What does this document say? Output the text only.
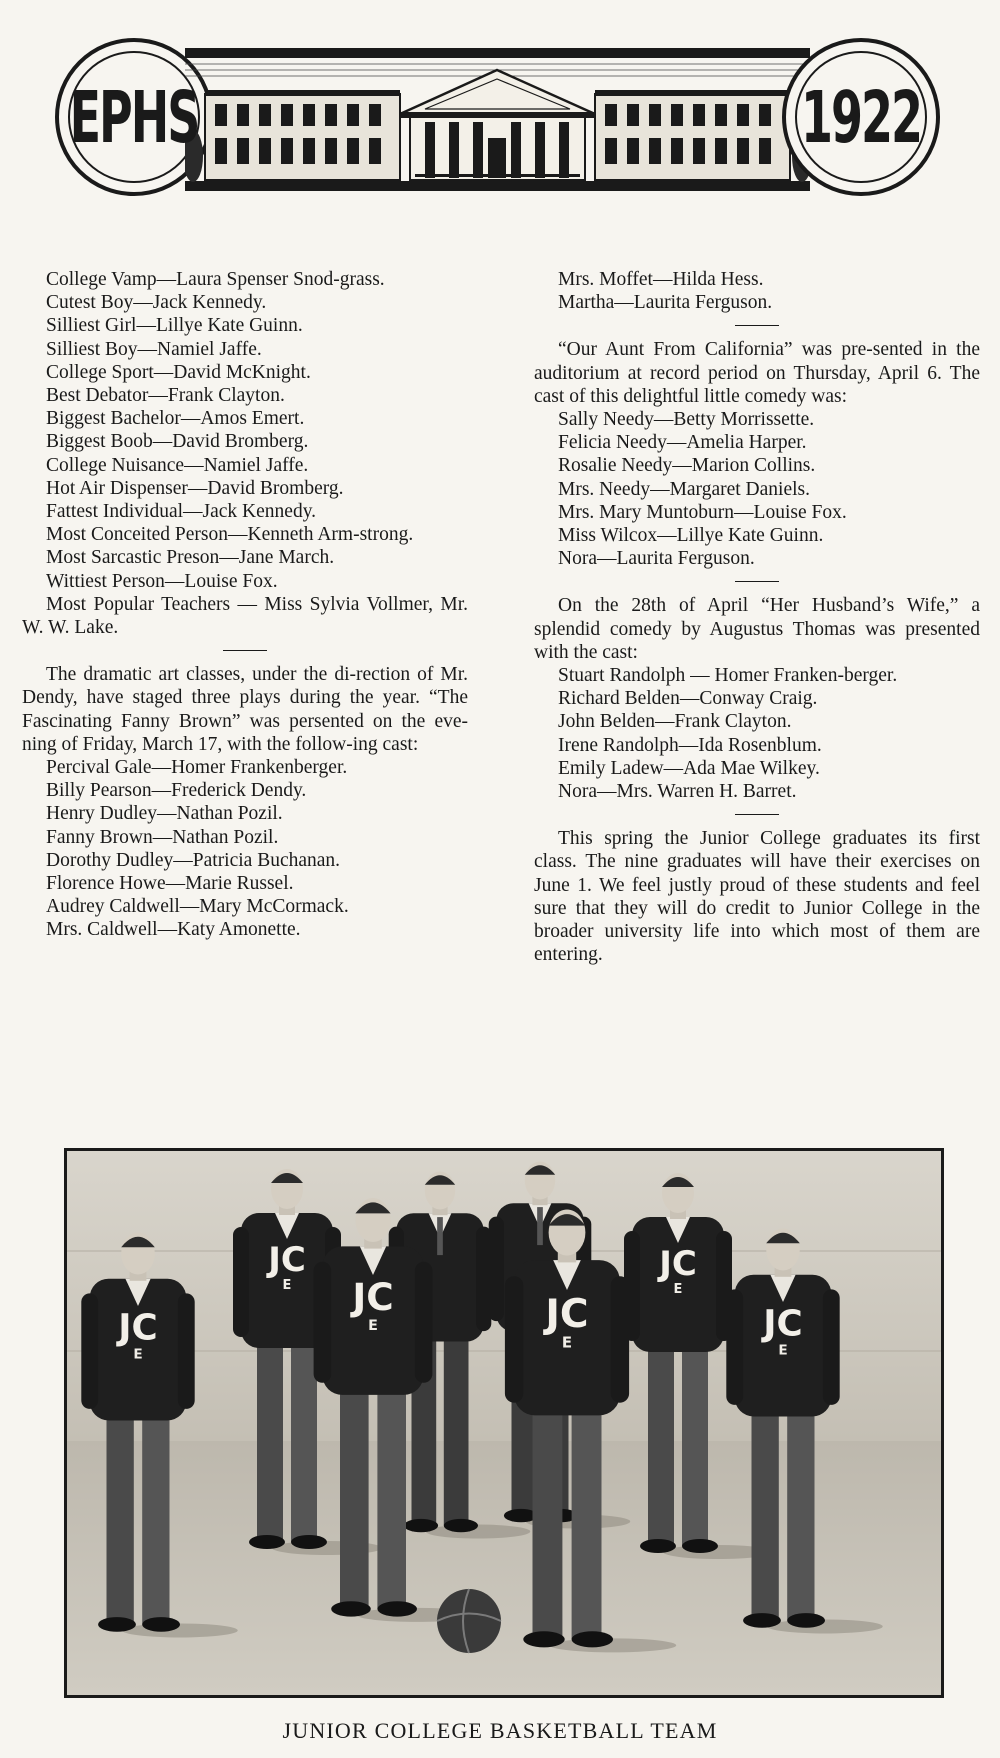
EPHS	1922

College Vamp—Laura Spenser Snod-grass.

Cutest Boy—Jack Kennedy.

Silliest Girl—Lillye Kate Guinn.

Silliest Boy—Namiel Jaffe.

College Sport—David McKnight.

Best Debator—Frank Clayton.

Biggest Bachelor—Amos Emert.

Biggest Boob—David Bromberg.

College Nuisance—Namiel Jaffe.

Hot Air Dispenser—David Bromberg.

Fattest Individual—Jack Kennedy.

Most Conceited Person—Kenneth Arm-strong.

Most Sarcastic Preson—Jane March.

Wittiest Person—Louise Fox.

Most Popular Teachers — Miss Sylvia Vollmer, Mr. W. W. Lake.

The dramatic art classes, under the di-rection of Mr. Dendy, have staged three plays during the year. “The Fascinating Fanny Brown” was persented on the eve-ning of Friday, March 17, with the follow-ing cast:

Percival Gale—Homer Frankenberger.

Billy Pearson—Frederick Dendy.

Henry Dudley—Nathan Pozil.

Fanny Brown—Nathan Pozil.

Dorothy Dudley—Patricia Buchanan.

Florence Howe—Marie Russel.

Audrey Caldwell—Mary McCormack.

Mrs. Caldwell—Katy Amonette.

Mrs. Moffet—Hilda Hess.

Martha—Laurita Ferguson.

“Our Aunt From California” was pre-sented in the auditorium at record period on Thursday, April 6. The cast of this delightful little comedy was:

Sally Needy—Betty Morrissette.

Felicia Needy—Amelia Harper.

Rosalie Needy—Marion Collins.

Mrs. Needy—Margaret Daniels.

Mrs. Mary Muntoburn—Louise Fox.

Miss Wilcox—Lillye Kate Guinn.

Nora—Laurita Ferguson.

On the 28th of April “Her Husband’s Wife,” a splendid comedy by Augustus Thomas was presented with the cast:

Stuart Randolph — Homer Franken-berger.

Richard Belden—Conway Craig.

John Belden—Frank Clayton.

Irene Randolph—Ida Rosenblum.

Emily Ladew—Ada Mae Wilkey.

Nora—Mrs. Warren H. Barret.

This spring the Junior College graduates its first class. The nine graduates will have their exercises on June 1. We feel justly proud of these students and feel sure that they will do credit to Junior College in the broader university life into which most of them are entering.

JC
E
JC
E
JC
E
JC
E	JC
E	JC
E
JUNIOR COLLEGE BASKETBALL TEAM
